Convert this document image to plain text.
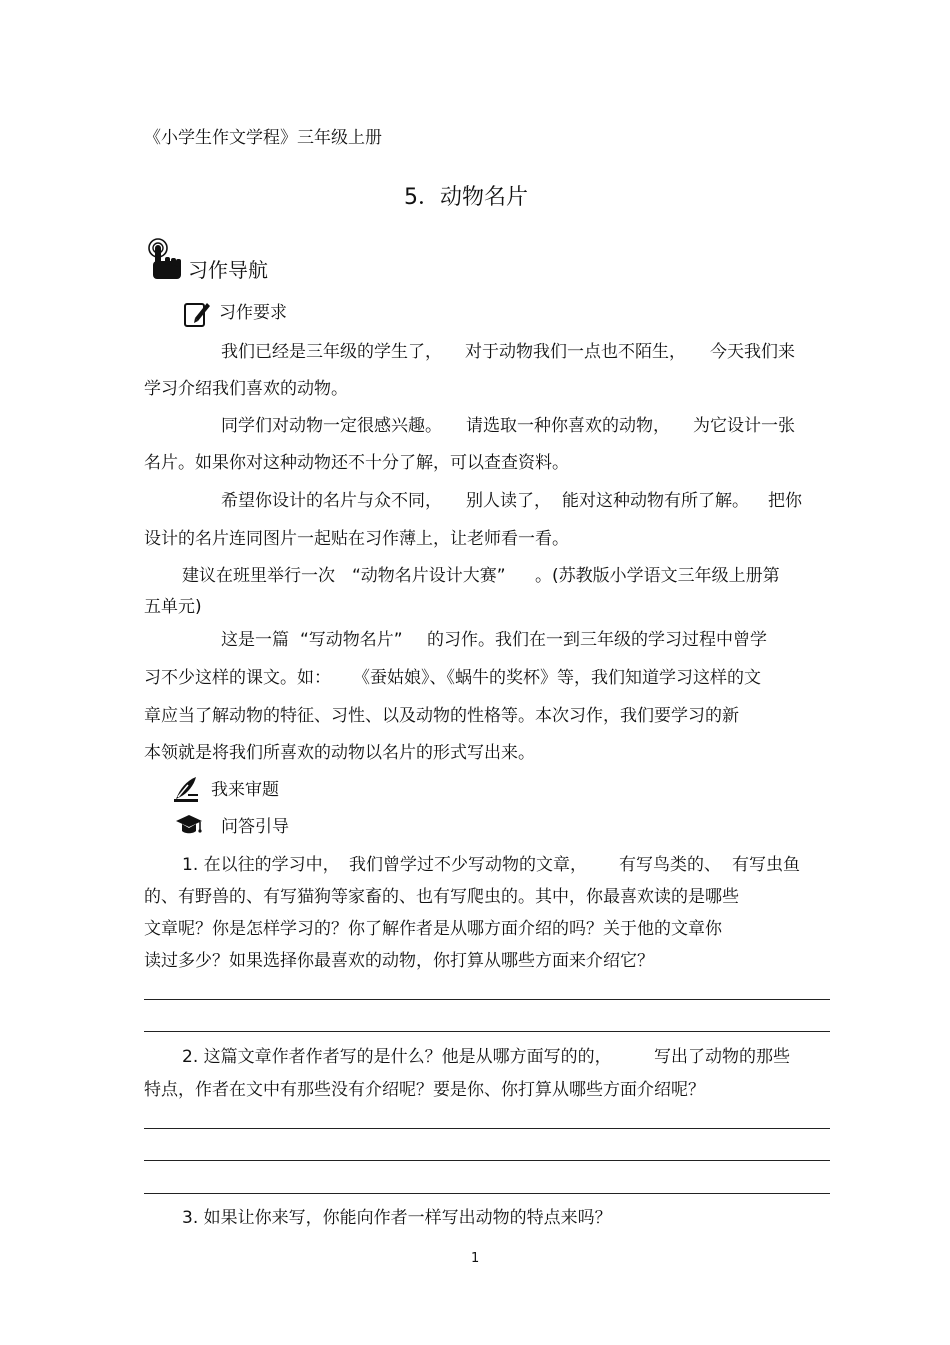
《小学生作文学程》三年级上册
5．动物名片
习作导航
习作要求
我们已经是三年级的学生了， 对于动物我们一点也不陌生， 今天我们来
学习介绍我们喜欢的动物。
同学们对动物一定很感兴趣。 请选取一种你喜欢的动物， 为它设计一张
名片。如果你对这种动物还不十分了解，可以查查资料。
希望你设计的名片与众不同， 别人读了， 能对这种动物有所了解。 把你
设计的名片连同图片一起贴在习作薄上，让老师看一看。
建议在班里举行一次 “动物名片设计大赛” 。(苏教版小学语文三年级上册第
五单元)
这是一篇 “写动物名片” 的习作。我们在一到三年级的学习过程中曾学
习不少这样的课文。如： 《蚕姑娘》、《蜗牛的奖杯》等，我们知道学习这样的文
章应当了解动物的特征、习性、以及动物的性格等。本次习作，我们要学习的新
本领就是将我们所喜欢的动物以名片的形式写出来。
我来审题
问答引导
1. 在以往的学习中， 我们曾学过不少写动物的文章， 有写鸟类的、 有写虫鱼
的、有野兽的、有写猫狗等家畜的、也有写爬虫的。其中，你最喜欢读的是哪些
文章呢？你是怎样学习的？你了解作者是从哪方面介绍的吗？关于他的文章你
读过多少？如果选择你最喜欢的动物，你打算从哪些方面来介绍它？
2. 这篇文章作者作者写的是什么？他是从哪方面写的的， 写出了动物的那些
特点，作者在文中有那些没有介绍呢？要是你、你打算从哪些方面介绍呢？
3. 如果让你来写，你能向作者一样写出动物的特点来吗？
1
